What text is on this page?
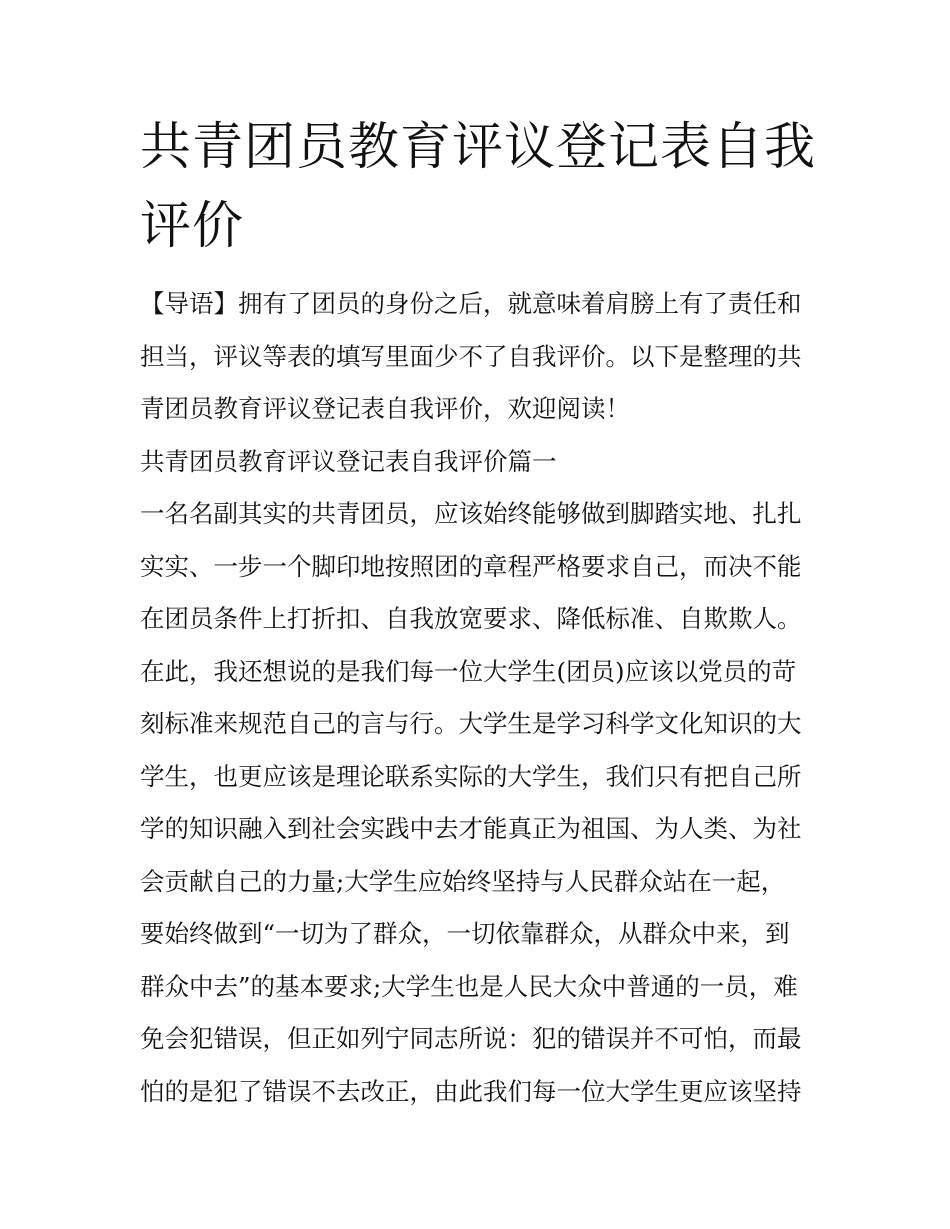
共青团员教育评议登记表自我
评价
【导语】拥有了团员的身份之后，就意味着肩膀上有了责任和
担当，评议等表的填写里面少不了自我评价。以下是整理的共
青团员教育评议登记表自我评价，欢迎阅读！
共青团员教育评议登记表自我评价篇一
一名名副其实的共青团员，应该始终能够做到脚踏实地、扎扎
实实、一步一个脚印地按照团的章程严格要求自己，而决不能
在团员条件上打折扣、自我放宽要求、降低标准、自欺欺人。
在此，我还想说的是我们每一位大学生(团员)应该以党员的苛
刻标准来规范自己的言与行。大学生是学习科学文化知识的大
学生，也更应该是理论联系实际的大学生，我们只有把自己所
学的知识融入到社会实践中去才能真正为祖国、为人类、为社
会贡献自己的力量;大学生应始终坚持与人民群众站在一起，
要始终做到“一切为了群众，一切依靠群众，从群众中来，到
群众中去”的基本要求;大学生也是人民大众中普通的一员，难
免会犯错误，但正如列宁同志所说：犯的错误并不可怕，而最
怕的是犯了错误不去改正，由此我们每一位大学生更应该坚持
